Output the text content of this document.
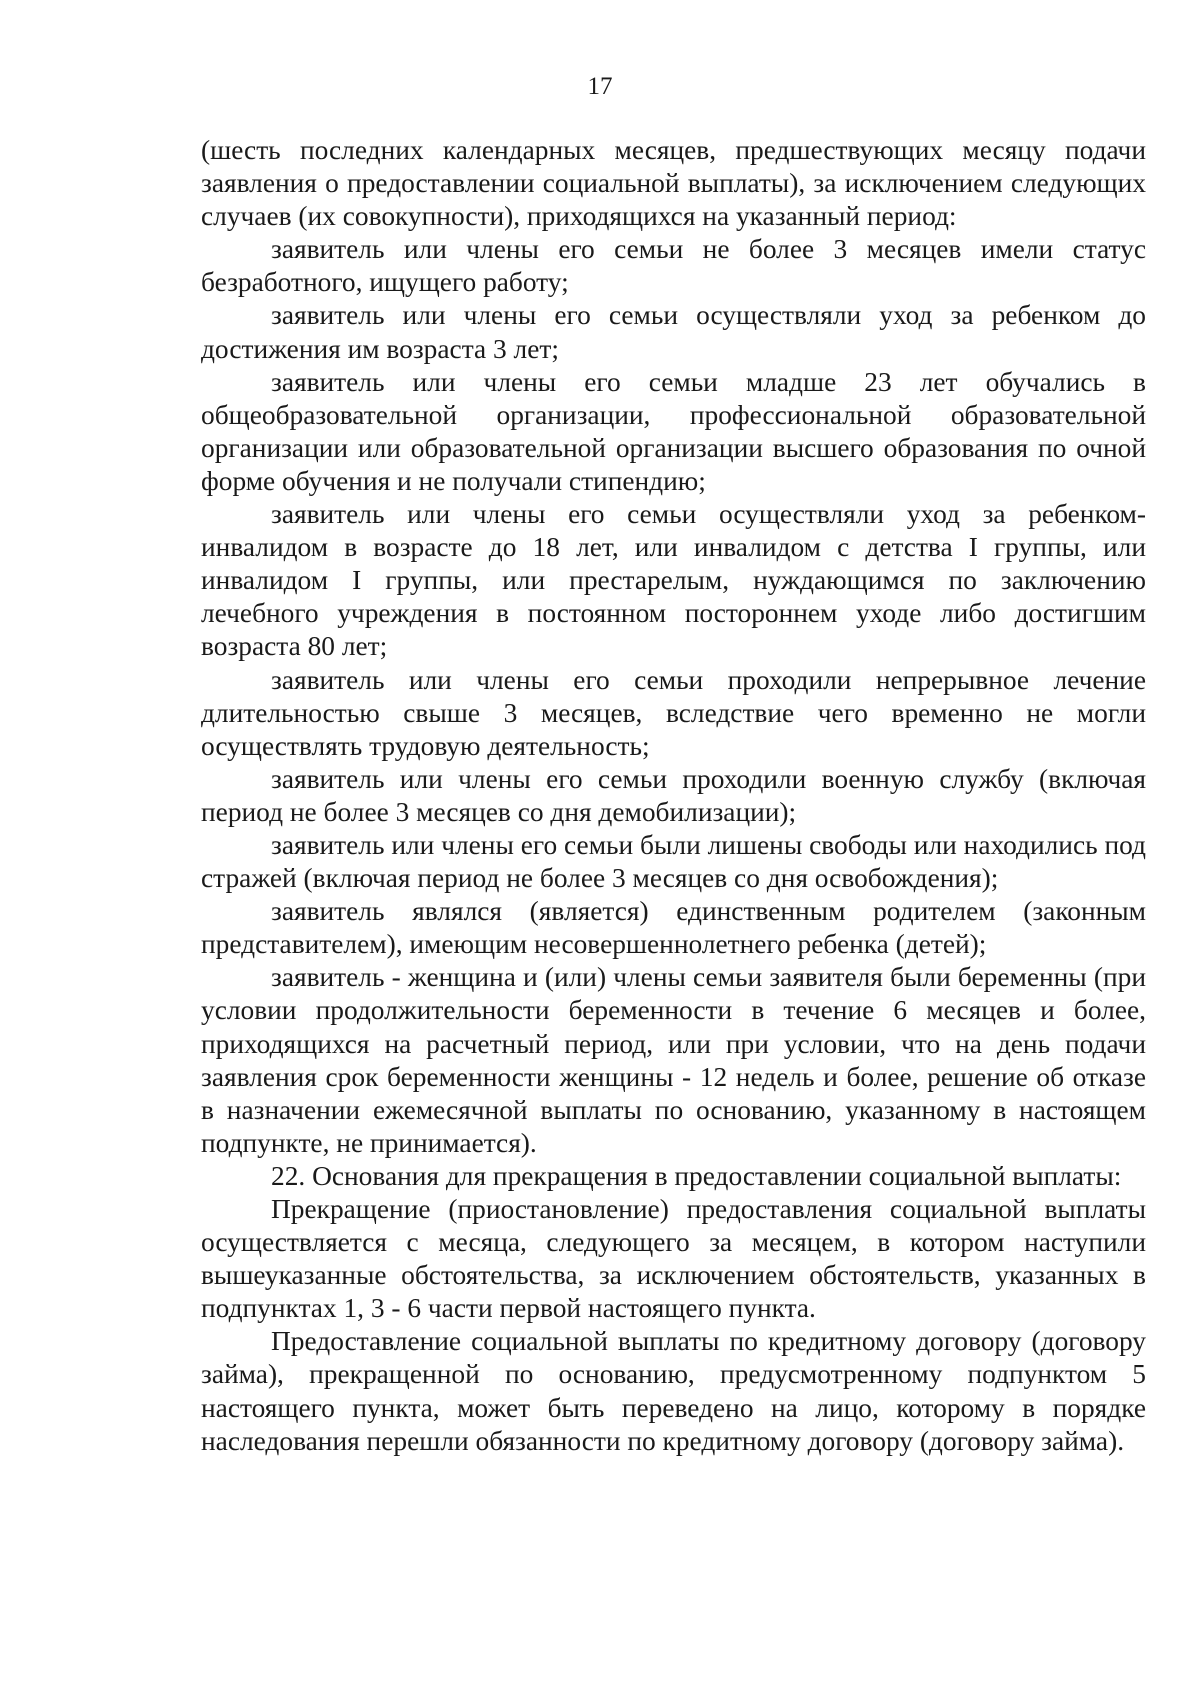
17

(шесть последних календарных месяцев, предшествующих месяцу подачи заявления о предоставлении социальной выплаты), за исключением следующих случаев (их совокупности), приходящихся на указанный период:

заявитель или члены его семьи не более 3 месяцев имели статус безработного, ищущего работу;

заявитель или члены его семьи осуществляли уход за ребенком до достижения им возраста 3 лет;

заявитель или члены его семьи младше 23 лет обучались в общеобразовательной организации, профессиональной образовательной организации или образовательной организации высшего образования по очной форме обучения и не получали стипендию;

заявитель или члены его семьи осуществляли уход за ребенком-инвалидом в возрасте до 18 лет, или инвалидом с детства I группы, или инвалидом I группы, или престарелым, нуждающимся по заключению лечебного учреждения в постоянном постороннем уходе либо достигшим возраста 80 лет;

заявитель или члены его семьи проходили непрерывное лечение длительностью свыше 3 месяцев, вследствие чего временно не могли осуществлять трудовую деятельность;

заявитель или члены его семьи проходили военную службу (включая период не более 3 месяцев со дня демобилизации);

заявитель или члены его семьи были лишены свободы или находились под стражей (включая период не более 3 месяцев со дня освобождения);

заявитель являлся (является) единственным родителем (законным представителем), имеющим несовершеннолетнего ребенка (детей);

заявитель - женщина и (или) члены семьи заявителя были беременны (при условии продолжительности беременности в течение 6 месяцев и более, приходящихся на расчетный период, или при условии, что на день подачи заявления срок беременности женщины - 12 недель и более, решение об отказе в назначении ежемесячной выплаты по основанию, указанному в настоящем подпункте, не принимается).

22. Основания для прекращения в предоставлении социальной выплаты:

Прекращение (приостановление) предоставления социальной выплаты осуществляется с месяца, следующего за месяцем, в котором наступили вышеуказанные обстоятельства, за исключением обстоятельств, указанных в подпунктах 1, 3 - 6 части первой настоящего пункта.

Предоставление социальной выплаты по кредитному договору (договору займа), прекращенной по основанию, предусмотренному подпунктом 5 настоящего пункта, может быть переведено на лицо, которому в порядке наследования перешли обязанности по кредитному договору (договору займа).
